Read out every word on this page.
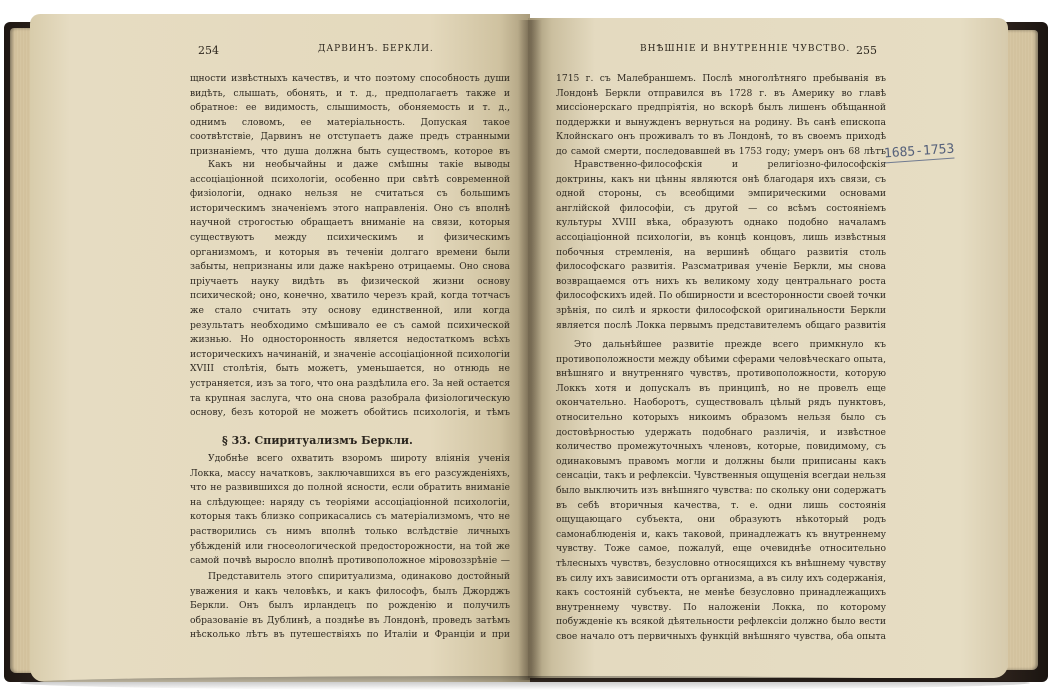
254	ДАРВИНЪ. БЕРКЛИ.

щности извѣстныхъ качествъ, и что поэтому способность души видѣть, слышать, обонять, и т. д., предполагаетъ также и обратное: ее видимость, слышимость, обоняемость и т. д., однимъ словомъ, ее матеріальность. Допуская такое соотвѣтствіе, Дарвинъ не отступаетъ даже предъ странными признаніемъ, что душа должна быть существомъ, которое въ

Какъ ни необычайны и даже смѣшны такіе выводы ассоціаціонной психологіи, особенно при свѣтѣ современной физіологіи, однако нельзя не считаться съ большимъ историческимъ значеніемъ этого направленія. Оно съ вполнѣ научной строгостью обращаетъ вниманіе на связи, которыя существуютъ между психическимъ и физическимъ организмомъ, и которыя въ теченіи долгаго времени были забыты, непризнаны или даже накѣрено отрицаемы. Оно снова пріучаетъ науку видѣть въ физической жизни основу психической; оно, конечно, хватило черезъ край, когда тотчасъ же стало считать эту основу единственной, или когда результатъ необходимо смѣшивало ее съ самой психической жизнью. Но односторонность является недостаткомъ всѣхъ историческихъ начинаній, и значеніе ассоціаціонной психологіи XVIII столѣтія, быть можетъ, уменьшается, но отнюдь не устраняется, изъ за того, что она раздѣлила его. За ней остается та крупная заслуга, что она снова разобрала физіологическую основу, безъ которой не можетъ обойтись психологія, и тѣмъ

§ 33. Спиритуализмъ Беркли.

Удобнѣе всего охватить взоромъ широту вліянія ученія Локка, массу начатковъ, заключавшихся въ его разсужденіяхъ, что не развившихся до полной ясности, если обратить вниманіе на слѣдующее: наряду съ теоріями ассоціаціонной психологіи, которыя такъ близко соприкасались съ матеріализмомъ, что не растворились съ нимъ вполнѣ только вслѣдствіе личныхъ убѣжденій или гносеологической предосторожности, на той же самой почвѣ выросло вполнѣ противоположное міровоззрѣніе —

Представитель этого спиритуализма, одинаково достойный уважения и какъ человѣкъ, и какъ философъ, былъ Джорджъ Беркли. Онъ былъ ирландецъ по рожденію и получилъ образованіе въ Дублинѣ, а позднѣе въ Лондонѣ, проведъ затѣмъ нѣсколько лѣтъ въ путешествіяхъ по Италіи и Франціи и при

ВНѢШНІЕ И ВНУТРЕННІЕ ЧУВСТВО. 255

1715 г. съ Малебраншемъ. Послѣ многолѣтняго пребыванія въ Лондонѣ Беркли отправился въ 1728 г. въ Америку во главѣ миссіонерскаго предпріятія, но вскорѣ былъ лишенъ обѣщанной поддержки и вынужденъ вернуться на родину. Въ санѣ епископа Клойнскаго онъ проживалъ то въ Лондонѣ, то въ своемъ приходѣ до самой смерти, последовавшей въ 1753 году; умеръ онъ 68 лѣтъ

Нравственно-философскія и религіозно-философскія доктрины, какъ ни цѣнны являются онѣ благодаря ихъ связи, съ одной стороны, съ всеобщими эмпирическими основами англійской философіи, съ другой — со всѣмъ состояніемъ культуры XVIII вѣка, образуютъ однако подобно началамъ ассоціаціонной психологіи, въ концѣ концовъ, лишь извѣстныя побочныя стремленія, на вершинѣ общаго развитія столь философскаго развитія. Разсматривая ученіе Беркли, мы снова возвращаемся отъ нихъ къ великому ходу центральнаго роста философскихъ идей. По обширности и всесторонности своей точки зрѣнія, по силѣ и яркости философской оригинальности Беркли является послѣ Локка первымъ представителемъ общаго развитія

Это дальнѣйшее развитіе прежде всего примкнуло къ противоположности между обѣими сферами человѣческаго опыта, внѣшняго и внутренняго чувствъ, противоположности, которую Локкъ хотя и допускалъ въ принципѣ, но не провелъ еще окончательно. Наоборотъ, существовалъ цѣлый рядъ пунктовъ, относительно которыхъ никоимъ образомъ нельзя было съ достовѣрностью удержать подобнаго различія, и извѣстное количество промежуточныхъ членовъ, которые, повидимому, съ одинаковымъ правомъ могли и должны были приписаны какъ сенсаціи, такъ и рефлексіи. Чувственныя ощущенія всегдаи нельзя было выключить изъ внѣшняго чувства: по скольку они содержатъ въ себѣ вторичныя качества, т. е. одни лишь состоянія ощущающаго субъекта, они образуютъ нѣкоторый родъ самонаблюденія и, какъ таковой, принадлежатъ къ внутреннему чувству. Тоже самое, пожалуй, еще очевиднѣе относительно тѣлесныхъ чувствъ, безусловно относящихся къ внѣшнему чувству въ силу ихъ зависимости отъ организма, а въ силу ихъ содержанія, какъ состояній субъекта, не менѣе безусловно принадлежащихъ внутреннему чувству. По наложеніи Локка, по которому побужденіе къ всякой дѣятельности рефлексіи должно было вести свое начало отъ первичныхъ функцій внѣшняго чувства, оба опыта

1685-1753
